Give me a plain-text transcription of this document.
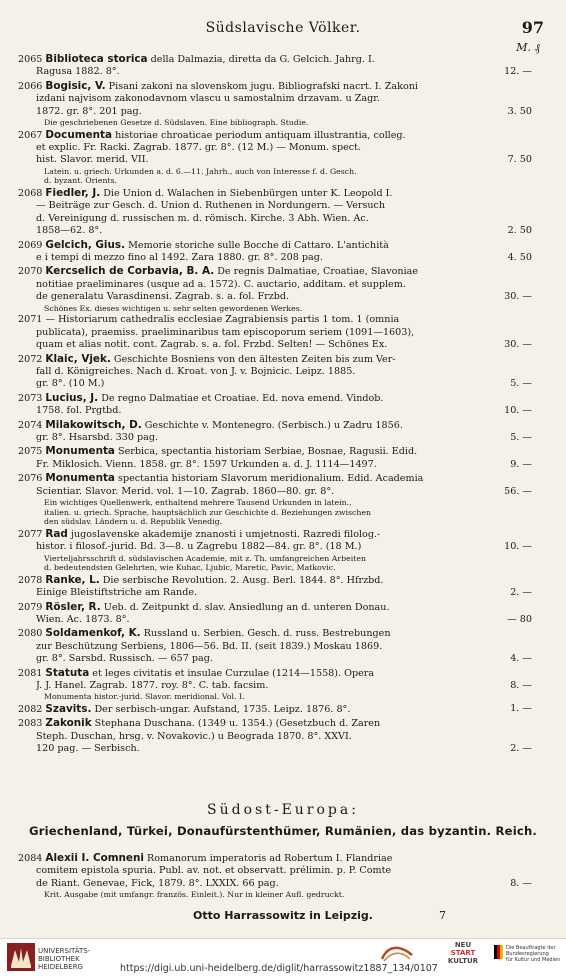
Südslavische Völker.	97
M. ₰
2065 Biblioteca storica della Dalmazia, diretta da G. Gelcich. Jahrg. I.
Ragusa 1882. 8°.	12. —
2066 Bogisic, V. Pisani zakoni na slovenskom jugu. Bibliografski nacrt. I. Zakoni
izdani najvisom zakonodavnom vlascu u samostalnim drzavam. u Zagr.
1872. gr. 8°. 201 pag.	3. 50
Die geschriebenen Gesetze d. Südslaven. Eine bibliograph. Studie.
2067 Documenta historiae chroaticae periodum antiquam illustrantia, colleg.
et explic. Fr. Racki. Zagrab. 1877. gr. 8°. (12 M.) — Monum. spect.
hist. Slavor. merid. VII.	7. 50
Latein. u. griech. Urkunden a. d. 6.—11. Jahrh., auch von Interesse f. d. Gesch.
d. byzant. Orients.
2068 Fiedler, J. Die Union d. Walachen in Siebenbürgen unter K. Leopold I.
— Beiträge zur Gesch. d. Union d. Ruthenen in Nordungern. — Versuch
d. Vereinigung d. russischen m. d. römisch. Kirche. 3 Abh. Wien. Ac.
1858—62. 8°.	2. 50
2069 Gelcich, Gius. Memorie storiche sulle Bocche di Cattaro. L'antichità
e i tempi di mezzo fino al 1492. Zara 1880. gr. 8°. 208 pag.	4. 50
2070 Kercselich de Corbavia, B. A. De regnis Dalmatiae, Croatiae, Slavoniae
notitiae praeliminares (usque ad a. 1572). C. auctario, additam. et supplem.
de generalatu Varasdinensi. Zagrab. s. a. fol. Frzbd.	30. —
Schönes Ex. dieses wichtigen u. sehr selten gewordenen Werkes.
2071 — Historiarum cathedralis ecclesiae Zagrabiensis partis 1 tom. 1 (omnia
publicata), praemiss. praeliminaribus tam episcoporum seriem (1091—1603),
quam et alias notit. cont. Zagrab. s. a. fol. Frzbd. Selten! — Schönes Ex.	30. —
2072 Klaic, Vjek. Geschichte Bosniens von den ältesten Zeiten bis zum Ver-
fall d. Königreiches. Nach d. Kroat. von J. v. Bojnicic. Leipz. 1885.
gr. 8°. (10 M.)	5. —
2073 Lucius, J. De regno Dalmatiae et Croatiae. Ed. nova emend. Vindob.
1758. fol. Prgtbd.	10. —
2074 Milakowitsch, D. Geschichte v. Montenegro. (Serbisch.) u Zadru 1856.
gr. 8°. Hsarsbd. 330 pag.	5. —
2075 Monumenta Serbica, spectantia historiam Serbiae, Bosnae, Ragusii. Edid.
Fr. Miklosich. Vienn. 1858. gr. 8°. 1597 Urkunden a. d. J. 1114—1497.	9. —
2076 Monumenta spectantia historiam Slavorum meridionalium. Edid. Academia
Scientiar. Slavor. Merid. vol. 1—10. Zagrab. 1860—80. gr. 8°.	56. —
Ein wichtiges Quellenwerk, enthaltend mehrere Tausend Urkunden in latein.,
italien. u. griech. Sprache, hauptsächlich zur Geschichte d. Beziehungen zwischen
den südslav. Ländern u. d. Republik Venedig.
2077 Rad jugoslavenske akademije znanosti i umjetnosti. Razredi filolog.-
histor. i filosof.-jurid. Bd. 3—8. u Zagrebu 1882—84. gr. 8°. (18 M.)	10. —
Vierteljahrsschrift d. südslavischen Academie, mit z. Th. umfangreichen Arbeiten
d. bedeutendsten Gelehrten, wie Kuhac, Ljubic, Maretic, Pavic, Matkovic.
2078 Ranke, L. Die serbische Revolution. 2. Ausg. Berl. 1844. 8°. Hfrzbd.
Einige Bleistiftstriche am Rande.	2. —
2079 Rösler, R. Ueb. d. Zeitpunkt d. slav. Ansiedlung an d. unteren Donau.
Wien. Ac. 1873. 8°.	— 80
2080 Soldamenkof, K. Russland u. Serbien. Gesch. d. russ. Bestrebungen
zur Beschützung Serbiens, 1806—56. Bd. II. (seit 1839.) Moskau 1869.
gr. 8°. Sarsbd. Russisch. — 657 pag.	4. —
2081 Statuta et leges civitatis et insulae Curzulae (1214—1558). Opera
J. J. Hanel. Zagrab. 1877. roy. 8°. C. tab. facsim.	8. —
Monumenta histor.-jurid. Slavor. meridional. Vol. I.
2082 Szavits. Der serbisch-ungar. Aufstand, 1735. Leipz. 1876. 8°.	1. —
2083 Zakonik Stephana Duschana. (1349 u. 1354.) (Gesetzbuch d. Zaren
Steph. Duschan, hrsg. v. Novakovic.) u Beograda 1870. 8°. XXVI.
120 pag. — Serbisch.	2. —
Südost-Europa:
Griechenland, Türkei, Donaufürstenthümer, Rumänien, das byzantin. Reich.
2084 Alexii I. Comneni Romanorum imperatoris ad Robertum I. Flandriae
comitem epistola spuria. Publ. av. not. et observatt. prélimin. p. P. Comte
de Riant. Genevae, Fick, 1879. 8°. LXXIX. 66 pag.	8. —
Krit. Ausgabe (mit umfangr. französ. Einleit.). Nur in kleiner Aufl. gedruckt.
Otto Harrassowitz in Leipzig.	7
UNIVERSITÄTS-
BIBLIOTHEK
HEIDELBERG	https://digi.ub.uni-heidelberg.de/diglit/harrassowitz1887_134/0107
NEU
START
KULTUR
Die Beauftragte der Bundesregierung
für Kultur und Medien
